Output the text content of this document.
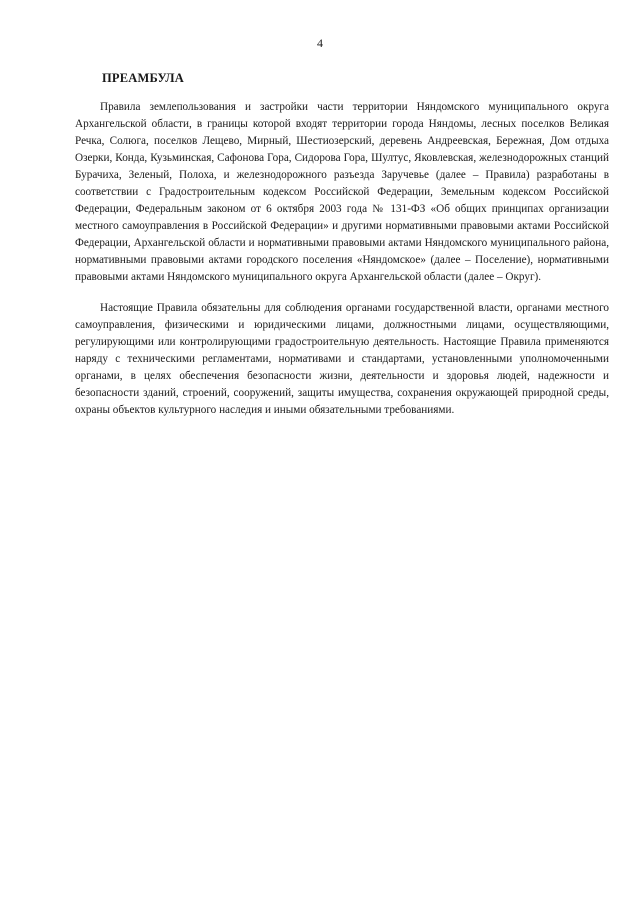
4
ПРЕАМБУЛА

Правила землепользования и застройки части территории Няндомского муниципального округа Архангельской области, в границы которой входят территории города Няндомы, лесных поселков Великая Речка, Солюга, поселков Лещево, Мирный, Шестиозерский, деревень Андреевская, Бережная, Дом отдыха Озерки, Конда, Кузьминская, Сафонова Гора, Сидорова Гора, Шултус, Яковлевская, железнодорожных станций Бурачиха, Зеленый, Полоха, и железнодорожного разъезда Заручевье (далее – Правила) разработаны в соответствии с Градостроительным кодексом Российской Федерации, Земельным кодексом Российской Федерации, Федеральным законом от 6 октября 2003 года № 131-ФЗ «Об общих принципах организации местного самоуправления в Российской Федерации» и другими нормативными правовыми актами Российской Федерации, Архангельской области и нормативными правовыми актами Няндомского муниципального района, нормативными правовыми актами городского поселения «Няндомское» (далее – Поселение), нормативными правовыми актами Няндомского муниципального округа Архангельской области (далее – Округ).

Настоящие Правила обязательны для соблюдения органами государственной власти, органами местного самоуправления, физическими и юридическими лицами, должностными лицами, осуществляющими, регулирующими или контролирующими градостроительную деятельность. Настоящие Правила применяются наряду с техническими регламентами, нормативами и стандартами, установленными уполномоченными органами, в целях обеспечения безопасности жизни, деятельности и здоровья людей, надежности и безопасности зданий, строений, сооружений, защиты имущества, сохранения окружающей природной среды, охраны объектов культурного наследия и иными обязательными требованиями.
